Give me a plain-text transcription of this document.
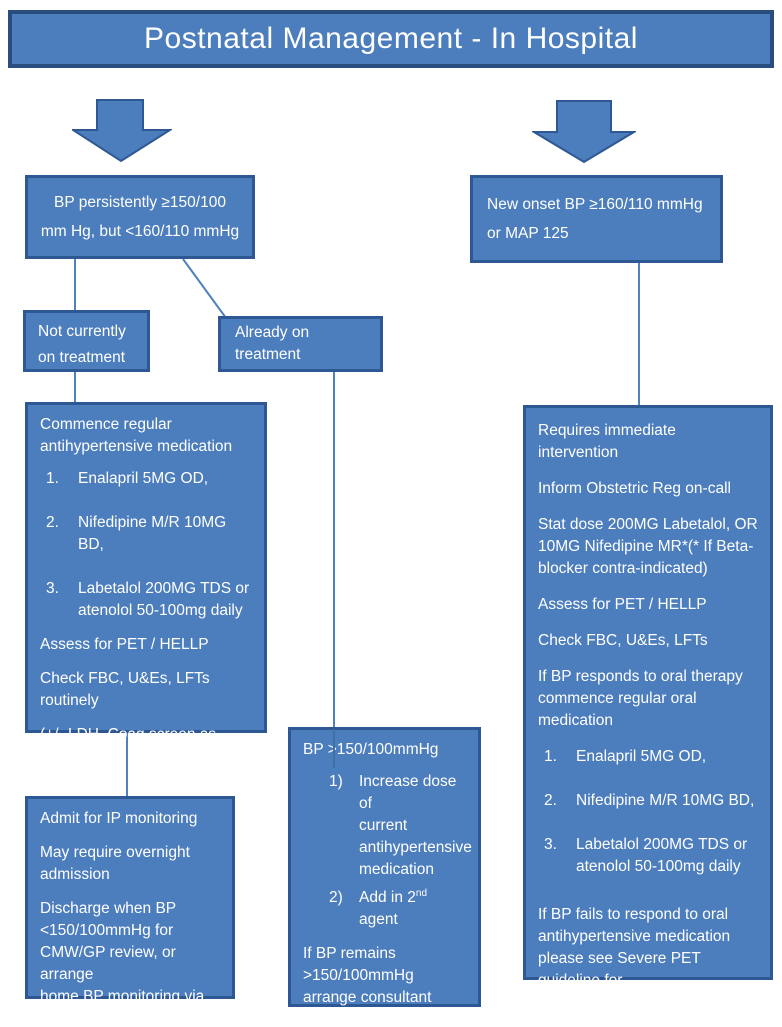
Postnatal Management - In Hospital
BP persistently ≥150/100
mm Hg, but <160/110 mmHg
New onset BP ≥160/110 mmHg
or MAP 125
Not currently
on treatment
Already on treatment
Commence regular
antihypertensive medication
1.	Enalapril 5MG OD,
2.	Nifedipine M/R 10MG BD,
3.	Labetalol 200MG TDS or
atenolol 50-100mg daily
Assess for PET / HELLP
Check FBC, U&Es, LFTs routinely
(+/- LDH, Coag screen as
indicated)
Admit for IP monitoring
May require overnight
admission
Discharge when BP
<150/100mmHg for
CMW/GP review, or arrange
home BP monitoring via DCU
BP >150/100mmHg
1)	Increase dose of
current
antihypertensive
medication
2)	Add in 2nd agent
If BP remains
>150/100mmHg
arrange consultant
review
Requires immediate intervention
Inform Obstetric Reg on-call
Stat dose 200MG Labetalol, OR
10MG Nifedipine MR*(* If Beta-
blocker contra-indicated)
Assess for PET / HELLP
Check FBC, U&Es, LFTs
If BP responds to oral therapy
commence regular oral medication
1.	Enalapril 5MG OD,
2.	Nifedipine M/R 10MG BD,
3.	Labetalol 200MG TDS or
atenolol 50-100mg daily
If BP fails to respond to oral
antihypertensive medication
please see Severe PET guideline for
IV management
